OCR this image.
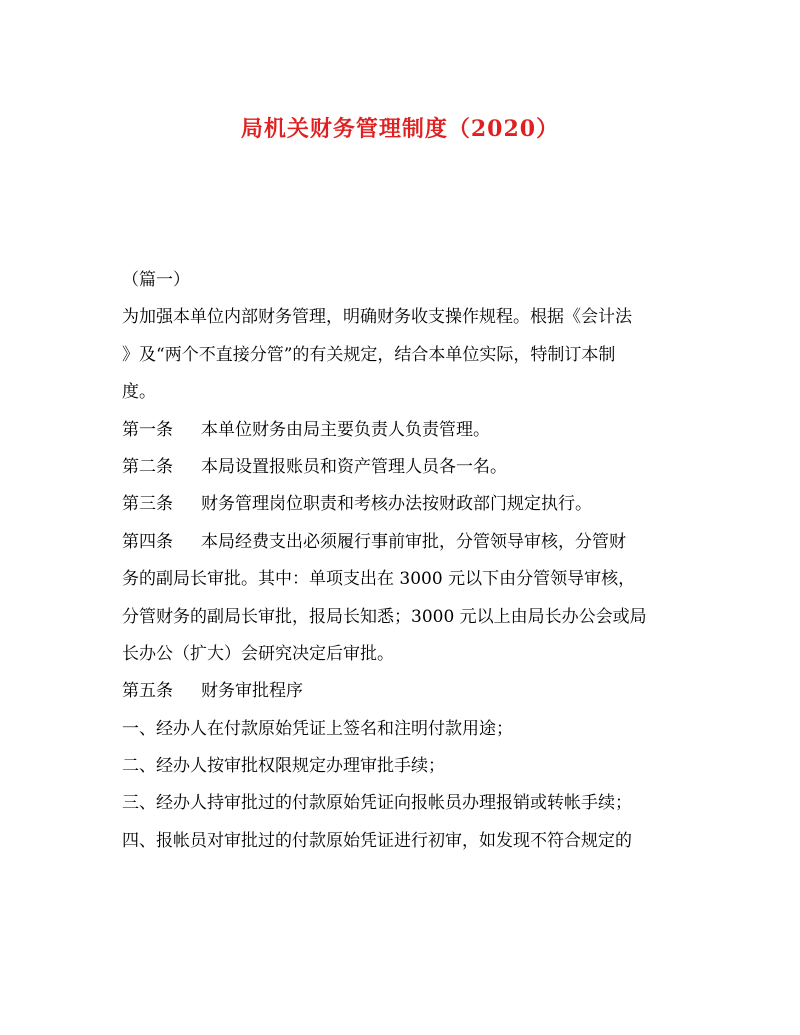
局机关财务管理制度（2020）
（篇一）
为加强本单位内部财务管理，明确财务收支操作规程。根据《会计法
》及“两个不直接分管”的有关规定，结合本单位实际，特制订本制
度。
第一条 本单位财务由局主要负责人负责管理。
第二条 本局设置报账员和资产管理人员各一名。
第三条 财务管理岗位职责和考核办法按财政部门规定执行。
第四条 本局经费支出必须履行事前审批，分管领导审核，分管财
务的副局长审批。其中：单项支出在 3000 元以下由分管领导审核，
分管财务的副局长审批，报局长知悉；3000 元以上由局长办公会或局
长办公（扩大）会研究决定后审批。
第五条 财务审批程序
一、经办人在付款原始凭证上签名和注明付款用途；
二、经办人按审批权限规定办理审批手续；
三、经办人持审批过的付款原始凭证向报帐员办理报销或转帐手续；
四、报帐员对审批过的付款原始凭证进行初审，如发现不符合规定的
